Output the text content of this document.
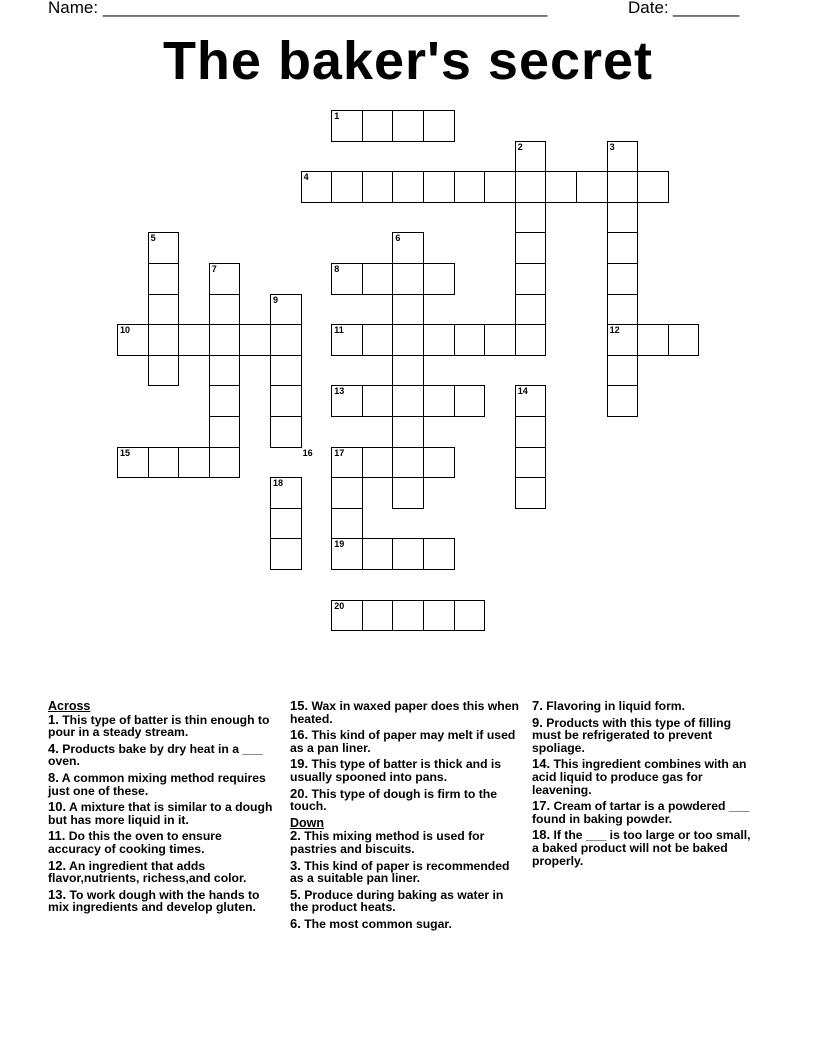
Name: _______________________________________________	Date: _______
The baker's secret
1
2	3
4
5	6
7	8
9
10	11	12
13	14
15	17
18
19
20
16
Across
1. This type of batter is thin enough to pour in a steady stream.
4. Products bake by dry heat in a ___ oven.
8. A common mixing method requires just one of these.
10. A mixture that is similar to a dough but has more liquid in it.
11. Do this the oven to ensure accuracy of cooking times.
12. An ingredient that adds flavor,nutrients, richess,and color.
13. To work dough with the hands to mix ingredients and develop gluten.
15. Wax in waxed paper does this when heated.
16. This kind of paper may melt if used as a pan liner.
19. This type of batter is thick and is usually spooned into pans.
20. This type of dough is firm to the touch.
Down
2. This mixing method is used for pastries and biscuits.
3. This kind of paper is recommended as a suitable pan liner.
5. Produce during baking as water in the product heats.
6. The most common sugar.
7. Flavoring in liquid form.
9. Products with this type of filling must be refrigerated to prevent spoliage.
14. This ingredient combines with an acid liquid to produce gas for leavening.
17. Cream of tartar is a powdered ___ found in baking powder.
18. If the ___ is too large or too small, a baked product will not be baked properly.
